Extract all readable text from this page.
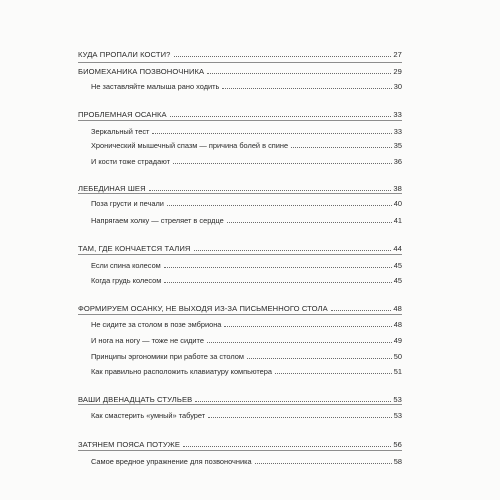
КУДА ПРОПАЛИ КОСТИ?	27
БИОМЕХАНИКА ПОЗВОНОЧНИКА	29
Не заставляйте малыша рано ходить	30
ПРОБЛЕМНАЯ ОСАНКА	33
Зеркальный тест	33
Хронический мышечный спазм — причина болей в спине	35
И кости тоже страдают	36
ЛЕБЕДИНАЯ ШЕЯ	38
Поза грусти и печали	40
Напрягаем холку — стреляет в сердце	41
ТАМ, ГДЕ КОНЧАЕТСЯ ТАЛИЯ	44
Если спина колесом	45
Когда грудь колесом	45
ФОРМИРУЕМ ОСАНКУ, НЕ ВЫХОДЯ ИЗ-ЗА ПИСЬМЕННОГО СТОЛА	48
Не сидите за столом в позе эмбриона	48
И нога на ногу — тоже не сидите	49
Принципы эргономики при работе за столом	50
Как правильно расположить клавиатуру компьютера	51
ВАШИ ДВЕНАДЦАТЬ СТУЛЬЕВ	53
Как смастерить «умный» табурет	53
ЗАТЯНЕМ ПОЯСА ПОТУЖЕ	56
Самое вредное упражнение для позвоночника	58
